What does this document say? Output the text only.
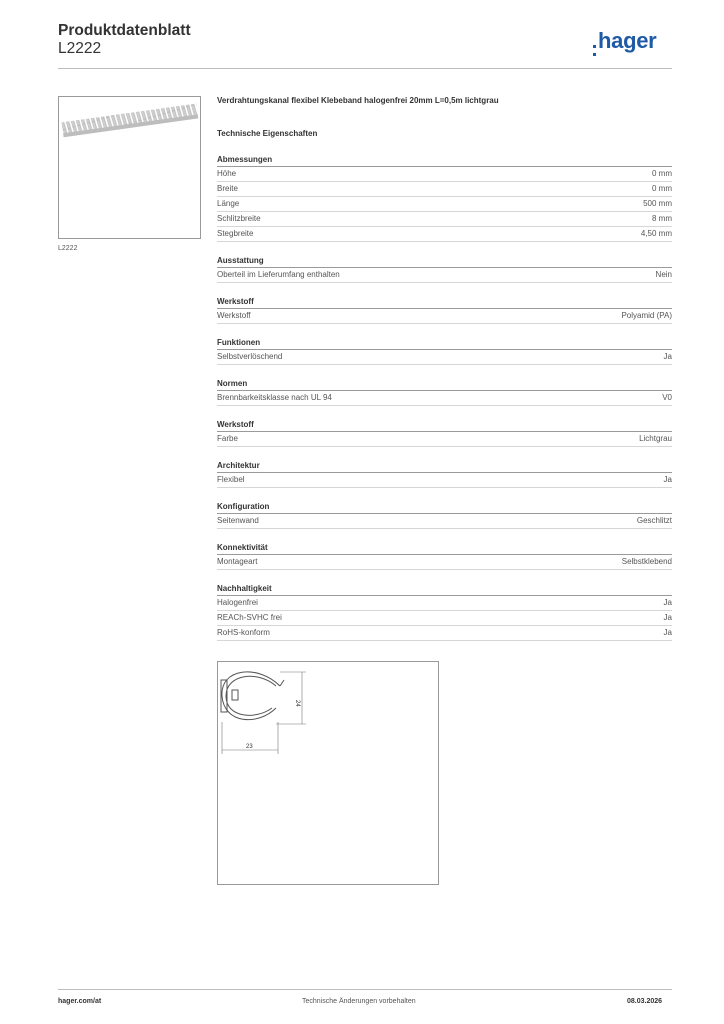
Produktdatenblatt
L2222	hager
L2222
Verdrahtungskanal flexibel Klebeband halogenfrei 20mm L=0,5m lichtgrau
Technische Eigenschaften
Abmessungen
Höhe	0 mm
Breite	0 mm
Länge	500 mm
Schlitzbreite	8 mm
Stegbreite	4,50 mm
Ausstattung
Oberteil im Lieferumfang enthalten	Nein
Werkstoff
Werkstoff	Polyamid (PA)
Funktionen
Selbstverlöschend	Ja
Normen
Brennbarkeitsklasse nach UL 94	V0
Werkstoff
Farbe	Lichtgrau
Architektur
Flexibel	Ja
Konfiguration
Seitenwand	Geschlitzt
Konnektivität
Montageart	Selbstklebend
Nachhaltigkeit
Halogenfrei	Ja
REACh-SVHC frei	Ja
RoHS-konform	Ja
24
23
hager.com/at	Technische Änderungen vorbehalten	08.03.2026
